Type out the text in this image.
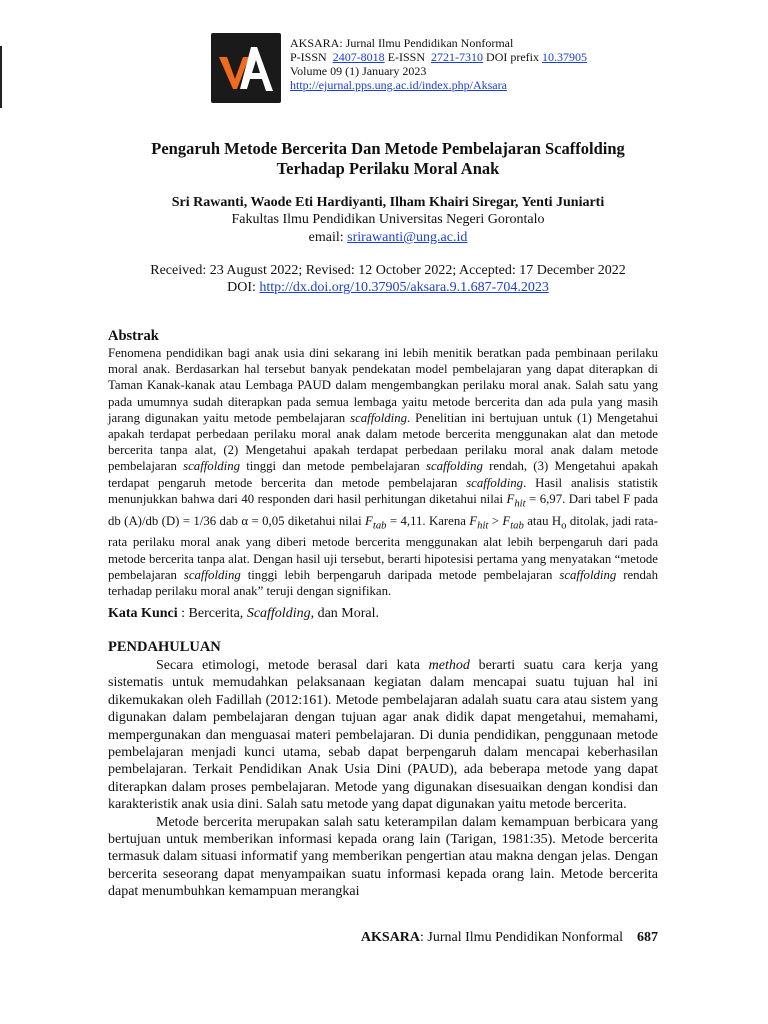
AKSARA: Jurnal Ilmu Pendidikan Nonformal
P-ISSN 2407-8018 E-ISSN 2721-7310 DOI prefix 10.37905
Volume 09 (1) January 2023
http://ejurnal.pps.ung.ac.id/index.php/Aksara
Pengaruh Metode Bercerita Dan Metode Pembelajaran Scaffolding
Terhadap Perilaku Moral Anak
Sri Rawanti, Waode Eti Hardiyanti, Ilham Khairi Siregar, Yenti Juniarti
Fakultas Ilmu Pendidikan Universitas Negeri Gorontalo
email: srirawanti@ung.ac.id
Received: 23 August 2022; Revised: 12 October 2022; Accepted: 17 December 2022
DOI: http://dx.doi.org/10.37905/aksara.9.1.687-704.2023
Abstrak

Fenomena pendidikan bagi anak usia dini sekarang ini lebih menitik beratkan pada pembinaan perilaku moral anak. Berdasarkan hal tersebut banyak pendekatan model pembelajaran yang dapat diterapkan di Taman Kanak-kanak atau Lembaga PAUD dalam mengembangkan perilaku moral anak. Salah satu yang pada umumnya sudah diterapkan pada semua lembaga yaitu metode bercerita dan ada pula yang masih jarang digunakan yaitu metode pembelajaran scaffolding. Penelitian ini bertujuan untuk (1) Mengetahui apakah terdapat perbedaan perilaku moral anak dalam metode bercerita menggunakan alat dan metode bercerita tanpa alat, (2) Mengetahui apakah terdapat perbedaan perilaku moral anak dalam metode pembelajaran scaffolding tinggi dan metode pembelajaran scaffolding rendah, (3) Mengetahui apakah terdapat pengaruh metode bercerita dan metode pembelajaran scaffolding. Hasil analisis statistik menunjukkan bahwa dari 40 responden dari hasil perhitungan diketahui nilai $F_{hit} = 6,97$. Dari tabel F pada db (A)/db (D) = 1/36 dab α = 0,05 diketahui nilai $F_{tab} = 4,11$. Karena $F_{hit} > F_{tab}$ atau $H_o$ ditolak, jadi rata-rata perilaku moral anak yang diberi metode bercerita menggunakan alat lebih berpengaruh dari pada metode bercerita tanpa alat. Dengan hasil uji tersebut, berarti hipotesisi pertama yang menyatakan “metode pembelajaran scaffolding tinggi lebih berpengaruh daripada metode pembelajaran scaffolding rendah terhadap perilaku moral anak” teruji dengan signifikan.

Kata Kunci : Bercerita, Scaffolding, dan Moral.

PENDAHULUAN

Secara etimologi, metode berasal dari kata method berarti suatu cara kerja yang sistematis untuk memudahkan pelaksanaan kegiatan dalam mencapai suatu tujuan hal ini dikemukakan oleh Fadillah (2012:161). Metode pembelajaran adalah suatu cara atau sistem yang digunakan dalam pembelajaran dengan tujuan agar anak didik dapat mengetahui, memahami, mempergunakan dan menguasai materi pembelajaran. Di dunia pendidikan, penggunaan metode pembelajaran menjadi kunci utama, sebab dapat berpengaruh dalam mencapai keberhasilan pembelajaran. Terkait Pendidikan Anak Usia Dini (PAUD), ada beberapa metode yang dapat diterapkan dalam proses pembelajaran. Metode yang digunakan disesuaikan dengan kondisi dan karakteristik anak usia dini. Salah satu metode yang dapat digunakan yaitu metode bercerita.

Metode bercerita merupakan salah satu keterampilan dalam kemampuan berbicara yang bertujuan untuk memberikan informasi kepada orang lain (Tarigan, 1981:35). Metode bercerita termasuk dalam situasi informatif yang memberikan pengertian atau makna dengan jelas. Dengan bercerita seseorang dapat menyampaikan suatu informasi kepada orang lain. Metode bercerita dapat menumbuhkan kemampuan merangkai

AKSARA: Jurnal Ilmu Pendidikan Nonformal 687
